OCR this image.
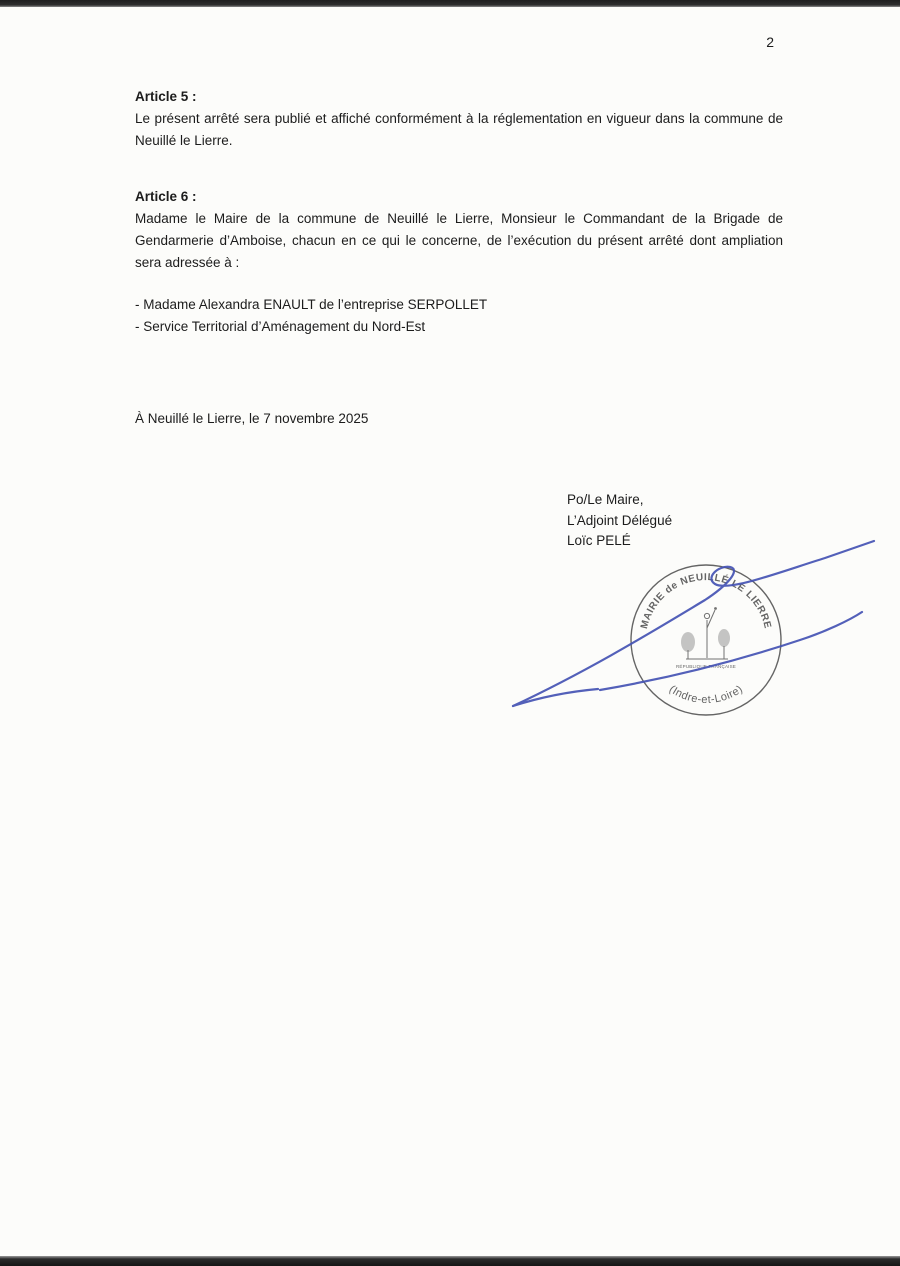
2
Article 5 :

Le présent arrêté sera publié et affiché conformément à la réglementation en vigueur dans la commune de Neuillé le Lierre.

Article 6 :

Madame le Maire de la commune de Neuillé le Lierre, Monsieur le Commandant de la Brigade de Gendarmerie d’Amboise, chacun en ce qui le concerne, de l’exécution du présent arrêté dont ampliation sera adressée à :

- Madame Alexandra ENAULT de l’entreprise SERPOLLET
- Service Territorial d’Aménagement du Nord-Est
À Neuillé le Lierre, le 7 novembre 2025
Po/Le Maire,
L’Adjoint Délégué
Loïc PELÉ
MAIRIE de NEUILLÉ LE LIERRE
(Indre-et-Loire)
RÉPUBLIQUE FRANÇAISE
